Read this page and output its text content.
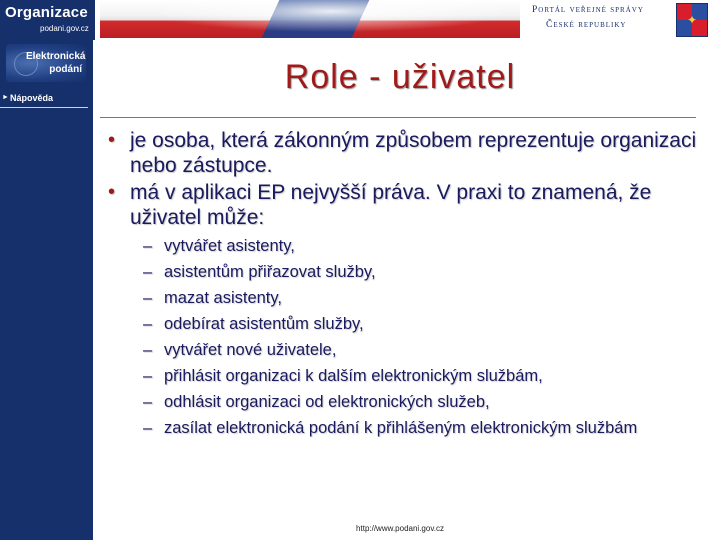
Organizace
podani.gov.cz
Portál veřejné správy
České republiky	✦
Elektronická
podání
► Nápověda
Role - uživatel
• je osoba, která zákonným způsobem reprezentuje organizaci nebo zástupce.
• má v aplikaci EP nejvyšší práva. V praxi to znamená, že uživatel může:
– vytvářet asistenty,
– asistentům přiřazovat služby,
– mazat asistenty,
– odebírat asistentům služby,
– vytvářet nové uživatele,
– přihlásit organizaci k dalším elektronickým službám,
– odhlásit organizaci od elektronických služeb,
– zasílat elektronická podání k přihlášeným elektronickým službám
http://www.podani.gov.cz
